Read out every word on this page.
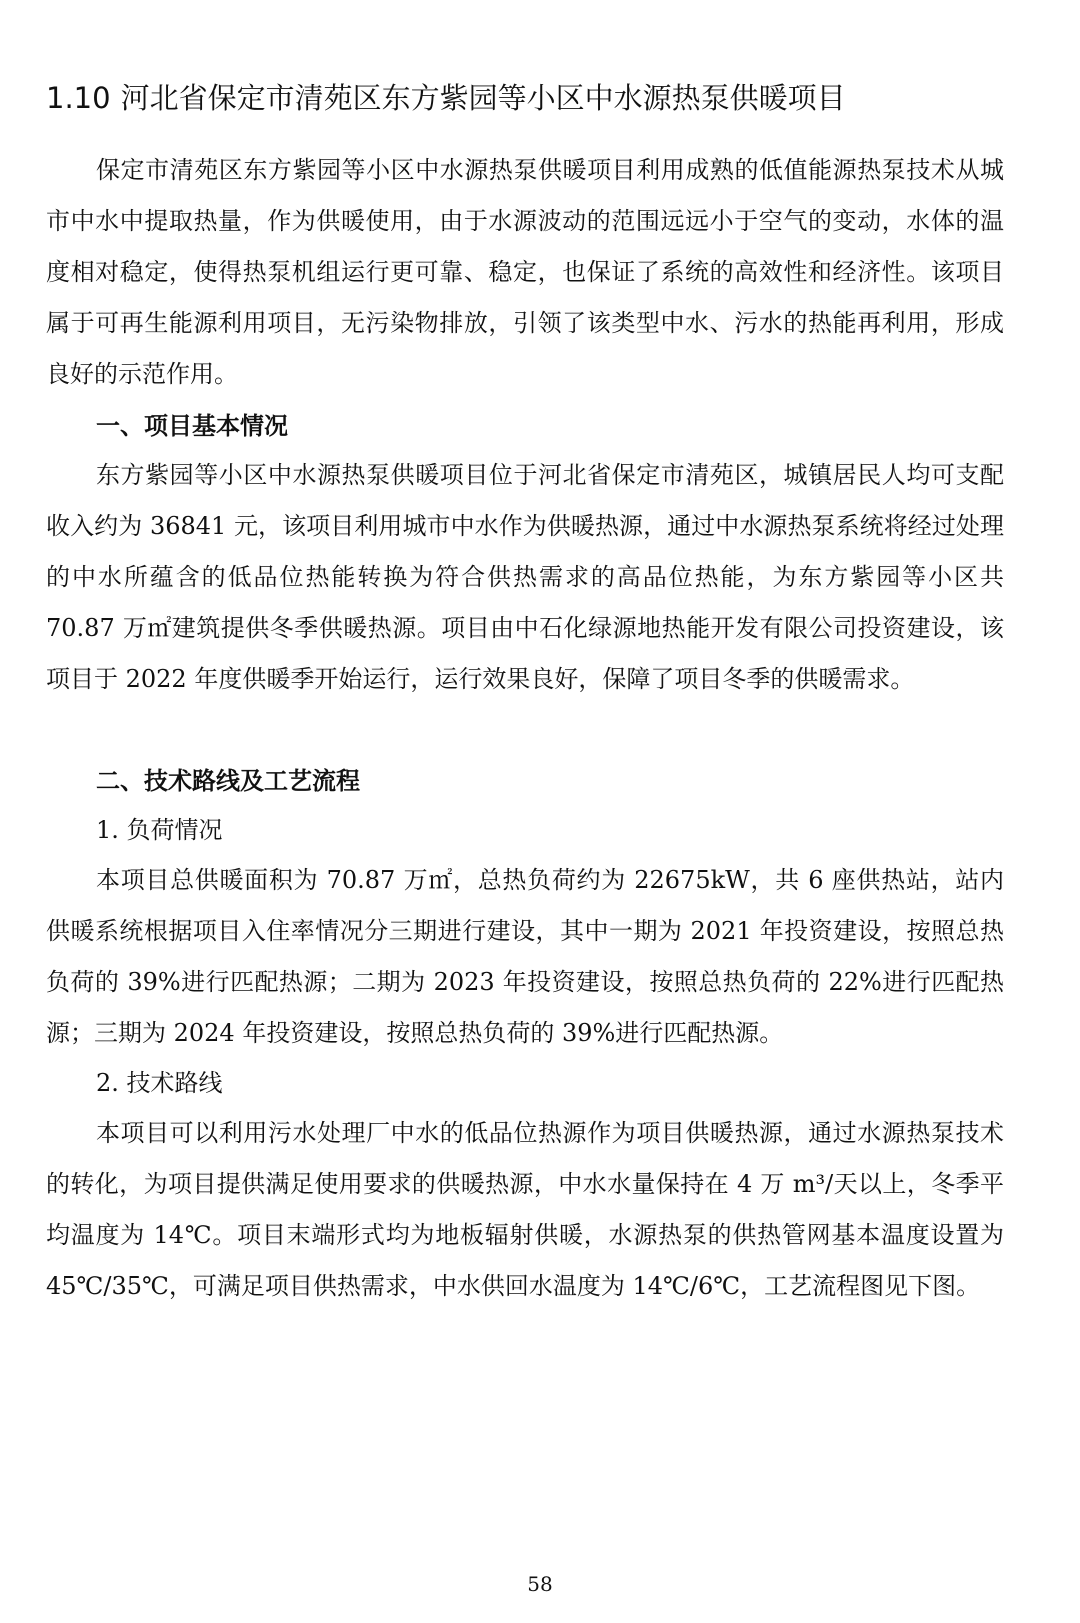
1.10 河北省保定市清苑区东方紫园等小区中水源热泵供暖项目

保定市清苑区东方紫园等小区中水源热泵供暖项目利用成熟的低值能源热泵技术从城市中水中提取热量，作为供暖使用，由于水源波动的范围远远小于空气的变动，水体的温度相对稳定，使得热泵机组运行更可靠、稳定，也保证了系统的高效性和经济性。该项目属于可再生能源利用项目，无污染物排放，引领了该类型中水、污水的热能再利用，形成良好的示范作用。

一、项目基本情况

东方紫园等小区中水源热泵供暖项目位于河北省保定市清苑区，城镇居民人均可支配收入约为 36841 元，该项目利用城市中水作为供暖热源，通过中水源热泵系统将经过处理的中水所蕴含的低品位热能转换为符合供热需求的高品位热能，为东方紫园等小区共 70.87 万㎡建筑提供冬季供暖热源。项目由中石化绿源地热能开发有限公司投资建设，该项目于 2022 年度供暖季开始运行，运行效果良好，保障了项目冬季的供暖需求。

二、技术路线及工艺流程

1. 负荷情况

本项目总供暖面积为 70.87 万㎡，总热负荷约为 22675kW，共 6 座供热站，站内供暖系统根据项目入住率情况分三期进行建设，其中一期为 2021 年投资建设，按照总热负荷的 39%进行匹配热源；二期为 2023 年投资建设，按照总热负荷的 22%进行匹配热源；三期为 2024 年投资建设，按照总热负荷的 39%进行匹配热源。

2. 技术路线

本项目可以利用污水处理厂中水的低品位热源作为项目供暖热源，通过水源热泵技术的转化，为项目提供满足使用要求的供暖热源，中水水量保持在 4 万 m³/天以上，冬季平均温度为 14℃。项目末端形式均为地板辐射供暖，水源热泵的供热管网基本温度设置为 45℃/35℃，可满足项目供热需求，中水供回水温度为 14℃/6℃，工艺流程图见下图。

58
